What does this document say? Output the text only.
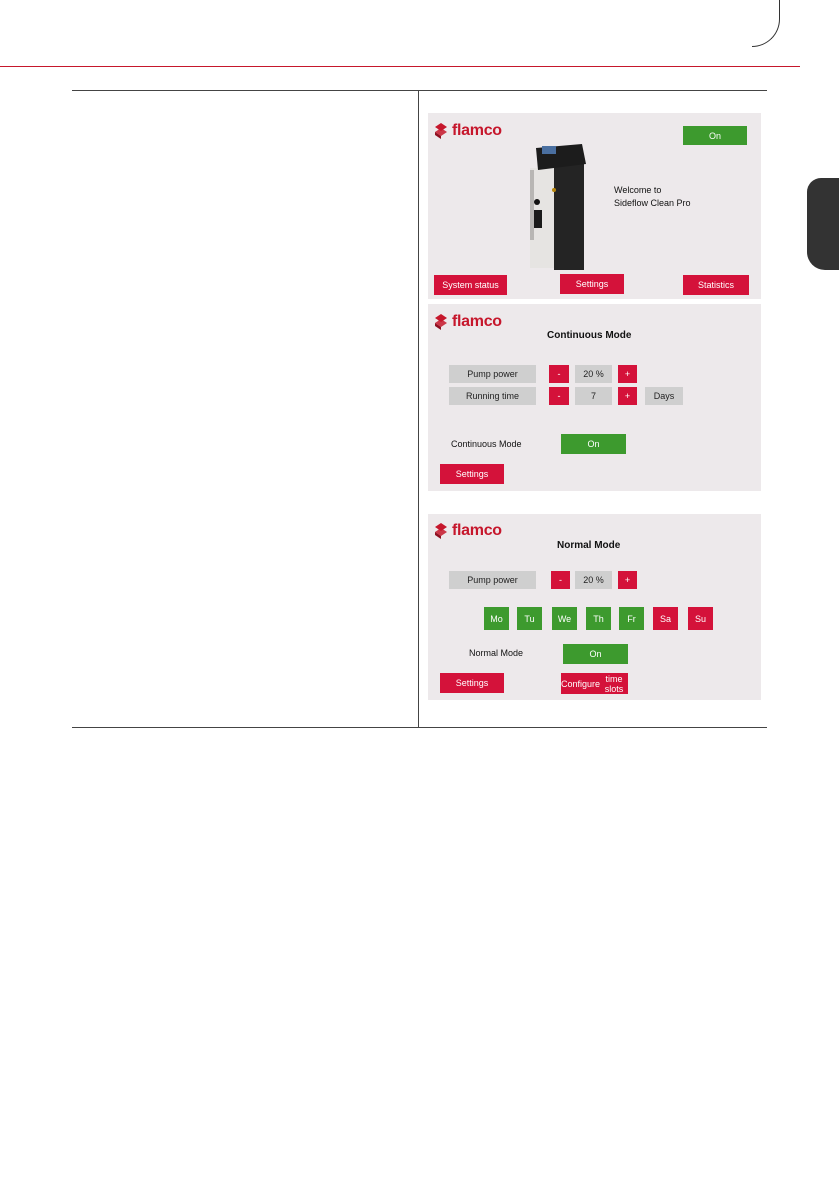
flamco	On
Welcome to
Sideflow Clean Pro
System status	Settings	Statistics
flamco
Continuous Mode
Pump power	-	20 %	+
Running time	-	7	+	Days
Continuous Mode	On
Settings
flamco
Normal Mode
Pump power	-	20 %	+
Mo	Tu	We	Th	Fr	Sa	Su
Normal Mode	On
Settings	Configure time slots
